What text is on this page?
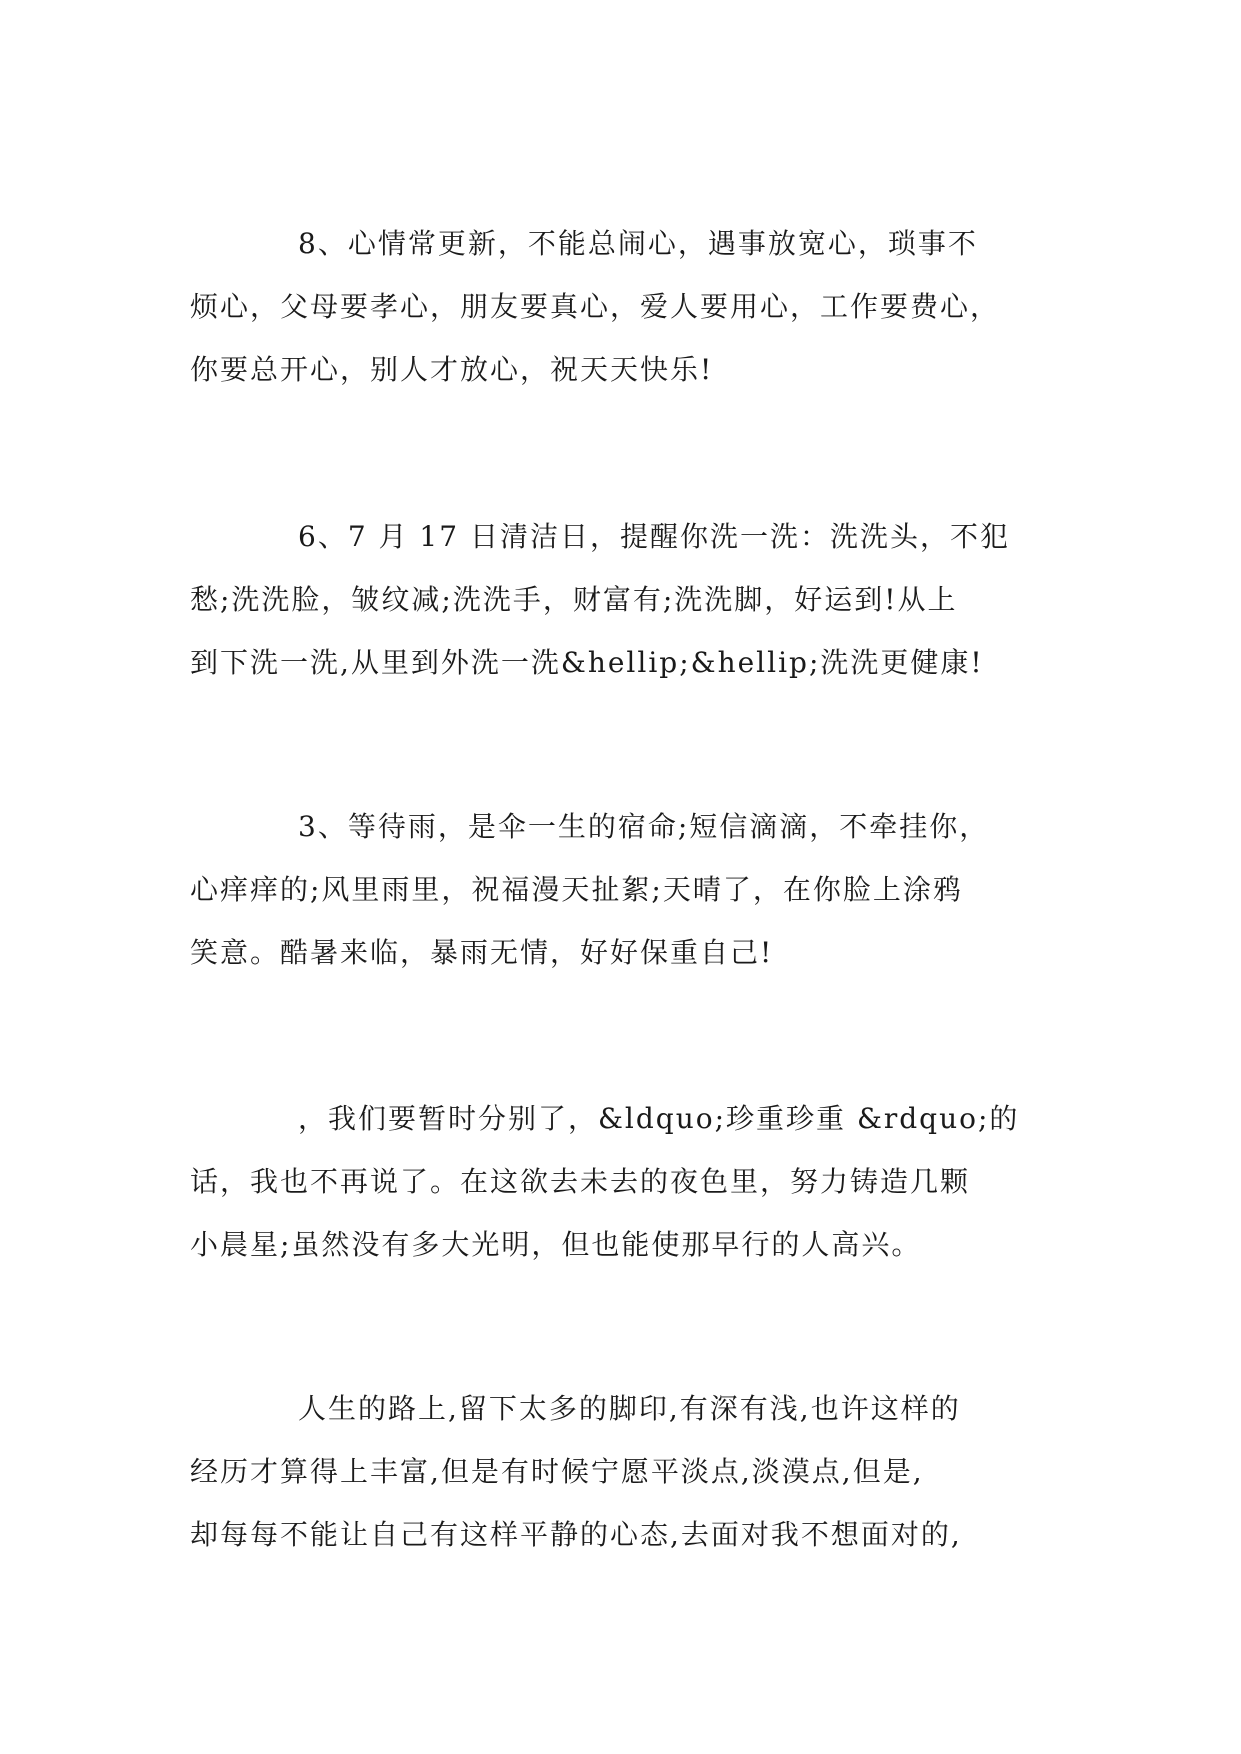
8、心情常更新，不能总闹心，遇事放宽心，琐事不
烦心，父母要孝心，朋友要真心，爱人要用心，工作要费心，
你要总开心，别人才放心，祝天天快乐!
6、7 月 17 日清洁日，提醒你洗一洗：洗洗头，不犯
愁;洗洗脸，皱纹减;洗洗手，财富有;洗洗脚，好运到!从上
到下洗一洗,从里到外洗一洗&hellip;&hellip;洗洗更健康!
3、等待雨，是伞一生的宿命;短信滴滴，不牵挂你，
心痒痒的;风里雨里，祝福漫天扯絮;天晴了，在你脸上涂鸦
笑意。酷暑来临，暴雨无情，好好保重自己!
，我们要暂时分别了，&ldquo;珍重珍重 &rdquo;的
话，我也不再说了。在这欲去未去的夜色里，努力铸造几颗
小晨星;虽然没有多大光明，但也能使那早行的人高兴。
人生的路上,留下太多的脚印,有深有浅,也许这样的
经历才算得上丰富,但是有时候宁愿平淡点,淡漠点,但是,
却每每不能让自己有这样平静的心态,去面对我不想面对的,
